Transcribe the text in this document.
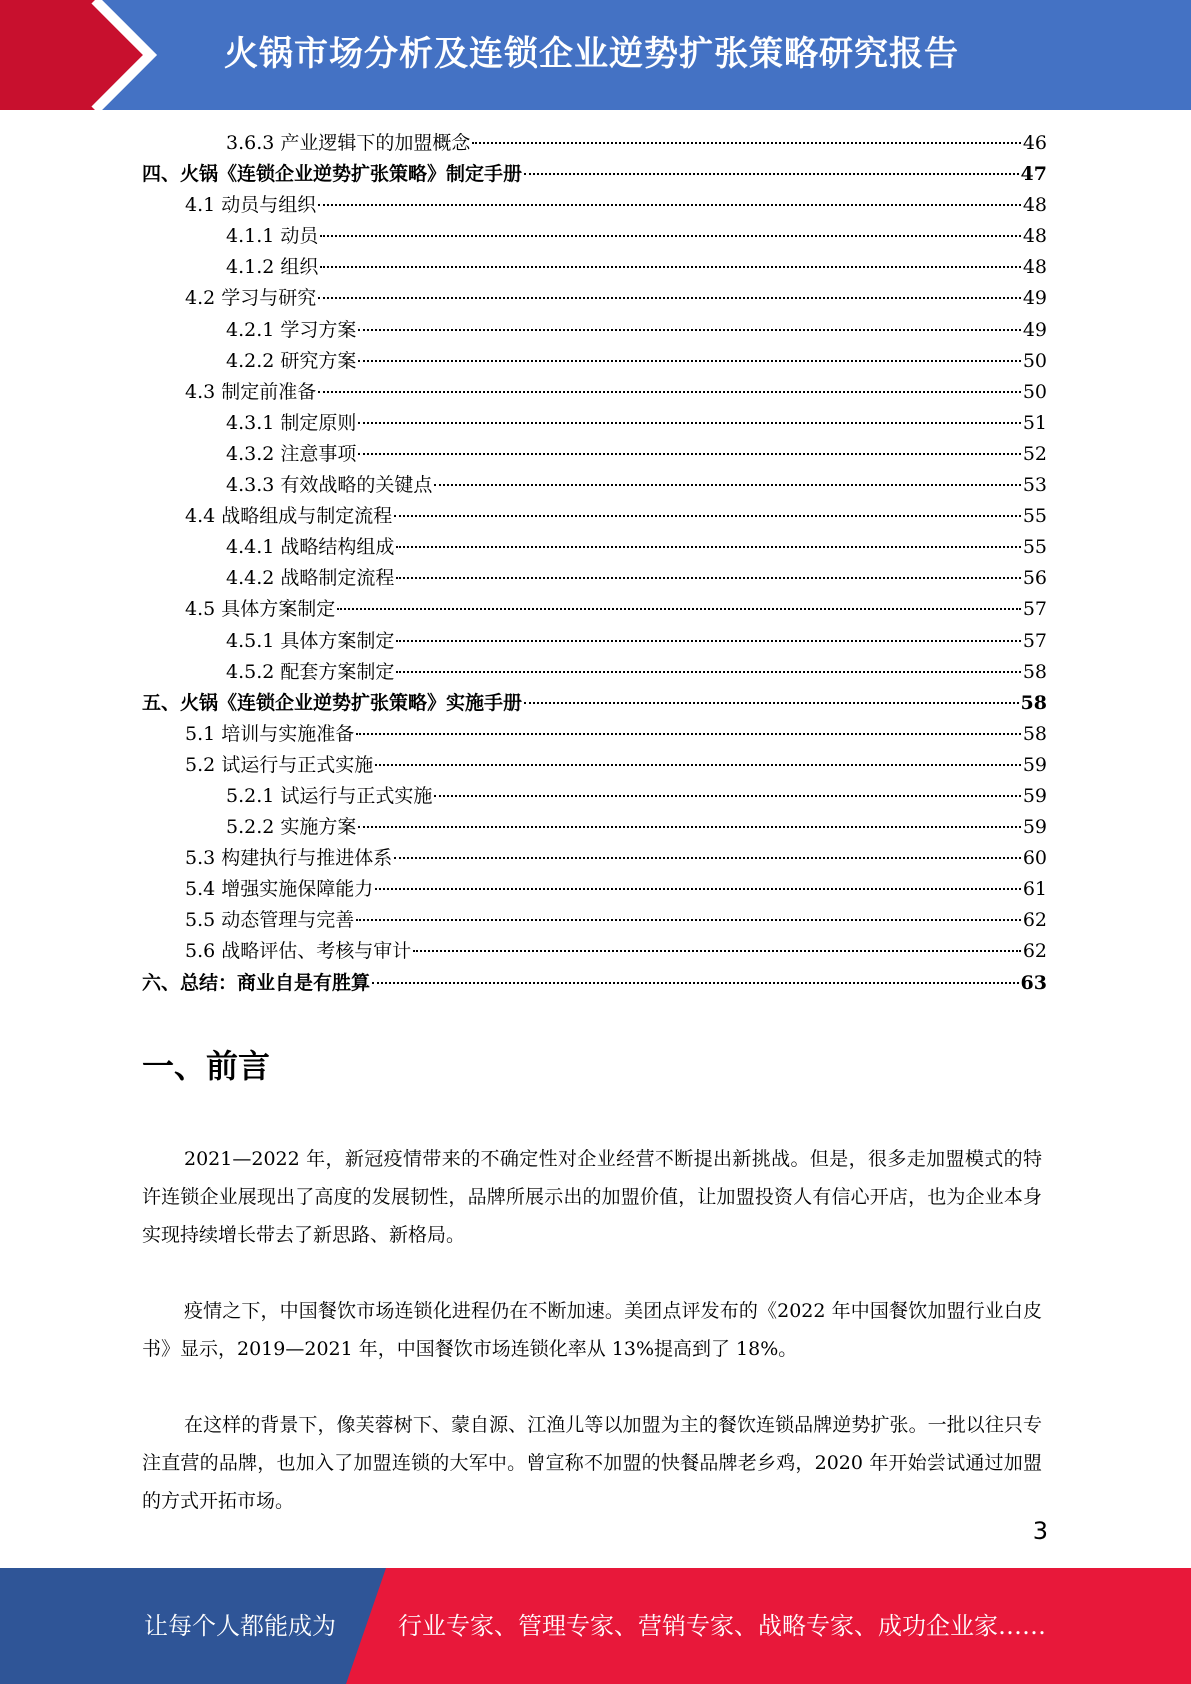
火锅市场分析及连锁企业逆势扩张策略研究报告
3.6.3 产业逻辑下的加盟概念	46
四、火锅《连锁企业逆势扩张策略》制定手册	47
4.1 动员与组织	48
4.1.1 动员	48
4.1.2 组织	48
4.2 学习与研究	49
4.2.1 学习方案	49
4.2.2 研究方案	50
4.3 制定前准备	50
4.3.1 制定原则	51
4.3.2 注意事项	52
4.3.3 有效战略的关键点	53
4.4 战略组成与制定流程	55
4.4.1 战略结构组成	55
4.4.2 战略制定流程	56
4.5 具体方案制定	57
4.5.1 具体方案制定	57
4.5.2 配套方案制定	58
五、火锅《连锁企业逆势扩张策略》实施手册	58
5.1 培训与实施准备	58
5.2 试运行与正式实施	59
5.2.1 试运行与正式实施	59
5.2.2 实施方案	59
5.3 构建执行与推进体系	60
5.4 增强实施保障能力	61
5.5 动态管理与完善	62
5.6 战略评估、考核与审计	62
六、总结：商业自是有胜算	63
一、前言

2021—2022 年，新冠疫情带来的不确定性对企业经营不断提出新挑战。但是，很多走加盟模式的特许连锁企业展现出了高度的发展韧性，品牌所展示出的加盟价值，让加盟投资人有信心开店，也为企业本身实现持续增长带去了新思路、新格局。

疫情之下，中国餐饮市场连锁化进程仍在不断加速。美团点评发布的《2022 年中国餐饮加盟行业白皮书》显示，2019—2021 年，中国餐饮市场连锁化率从 13%提高到了 18%。

在这样的背景下，像芙蓉树下、蒙自源、江渔儿等以加盟为主的餐饮连锁品牌逆势扩张。一批以往只专注直营的品牌，也加入了加盟连锁的大军中。曾宣称不加盟的快餐品牌老乡鸡，2020 年开始尝试通过加盟的方式开拓市场。

3
让每个人都能成为	行业专家、管理专家、营销专家、战略专家、成功企业家……
